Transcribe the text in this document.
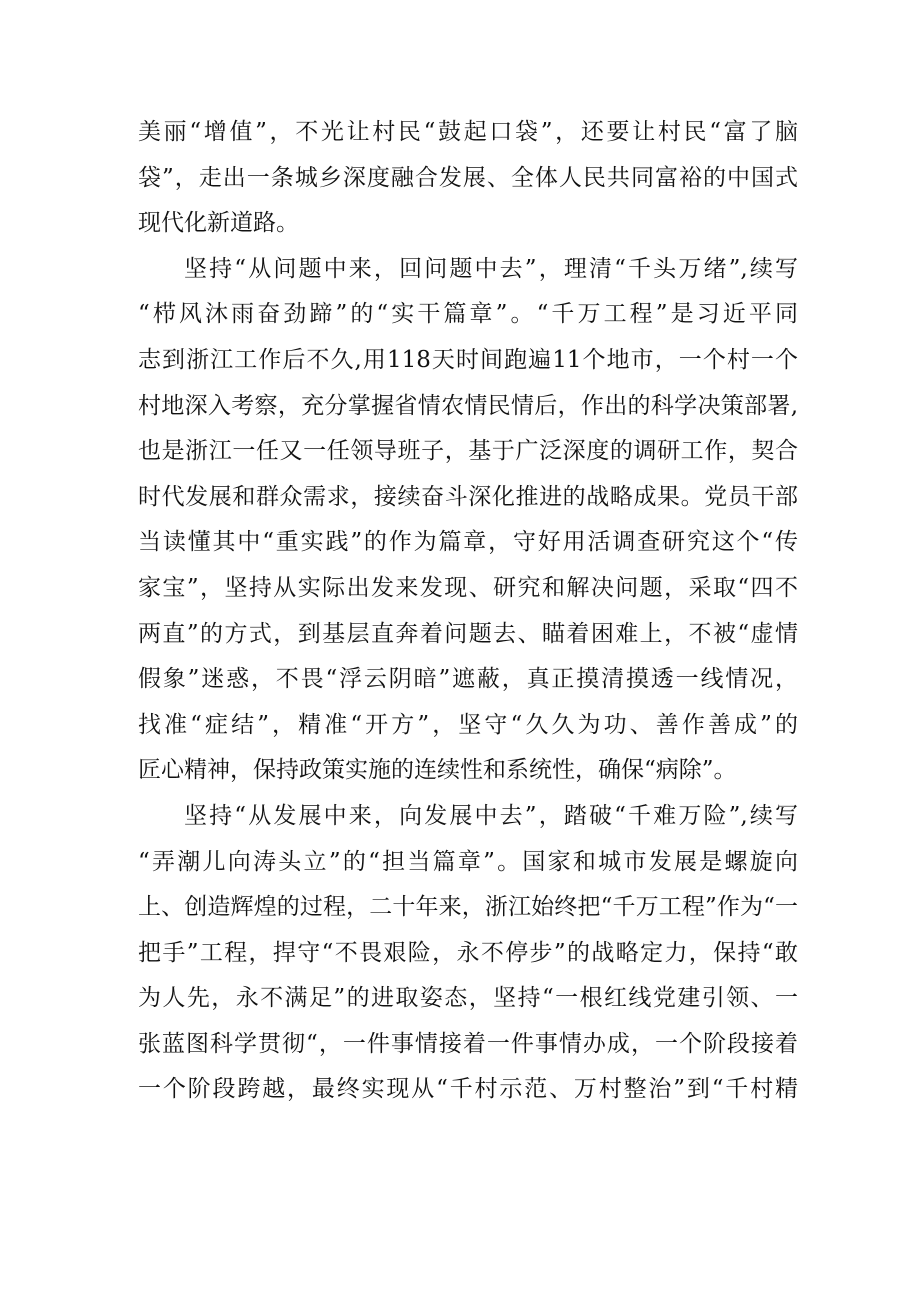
美丽“增值”，不光让村民“鼓起口袋”，还要让村民“富了脑
袋”，走出一条城乡深度融合发展、全体人民共同富裕的中国式
现代化新道路。
坚持“从问题中来，回问题中去”，理清“千头万绪”,续写
“栉风沐雨奋劲蹄”的“实干篇章”。“千万工程”是习近平同
志到浙江工作后不久,用118天时间跑遍11个地市，一个村一个
村地深入考察，充分掌握省情农情民情后，作出的科学决策部署,
也是浙江一任又一任领导班子，基于广泛深度的调研工作，契合
时代发展和群众需求，接续奋斗深化推进的战略成果。党员干部
当读懂其中“重实践”的作为篇章，守好用活调查研究这个“传
家宝”，坚持从实际出发来发现、研究和解决问题，采取“四不
两直”的方式，到基层直奔着问题去、瞄着困难上，不被“虚情
假象”迷惑，不畏“浮云阴暗”遮蔽，真正摸清摸透一线情况，
找准“症结”，精准“开方”，坚守“久久为功、善作善成”的
匠心精神，保持政策实施的连续性和系统性，确保“病除”。
坚持“从发展中来，向发展中去”，踏破“千难万险”,续写
“弄潮儿向涛头立”的“担当篇章”。国家和城市发展是螺旋向
上、创造辉煌的过程，二十年来，浙江始终把“千万工程”作为“一
把手”工程，捍守“不畏艰险，永不停步”的战略定力，保持“敢
为人先，永不满足”的进取姿态，坚持“一根红线党建引领、一
张蓝图科学贯彻“，一件事情接着一件事情办成，一个阶段接着
一个阶段跨越，最终实现从“千村示范、万村整治”到“千村精
